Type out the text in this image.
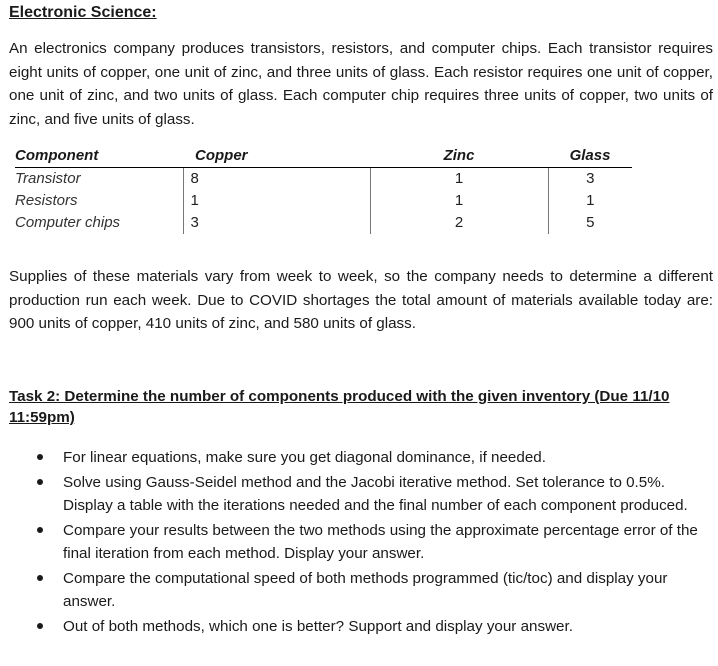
Electronic Science:

An electronics company produces transistors, resistors, and computer chips. Each transistor requires eight units of copper, one unit of zinc, and three units of glass. Each resistor requires one unit of copper, one unit of zinc, and two units of glass. Each computer chip requires three units of copper, two units of zinc, and five units of glass.

Component	Copper	Zinc	Glass
Transistor	8	1	3
Resistors	1	1	1
Computer chips	3	2	5

Supplies of these materials vary from week to week, so the company needs to determine a different production run each week. Due to COVID shortages the total amount of materials available today are: 900 units of copper, 410 units of zinc, and 580 units of glass.

Task 2: Determine the number of components produced with the given inventory (Due 11/10 11:59pm)
For linear equations, make sure you get diagonal dominance, if needed.
Solve using Gauss-Seidel method and the Jacobi iterative method. Set tolerance to 0.5%. Display a table with the iterations needed and the final number of each component produced.
Compare your results between the two methods using the approximate percentage error of the final iteration from each method. Display your answer.
Compare the computational speed of both methods programmed (tic/toc) and display your answer.
Out of both methods, which one is better? Support and display your answer.
